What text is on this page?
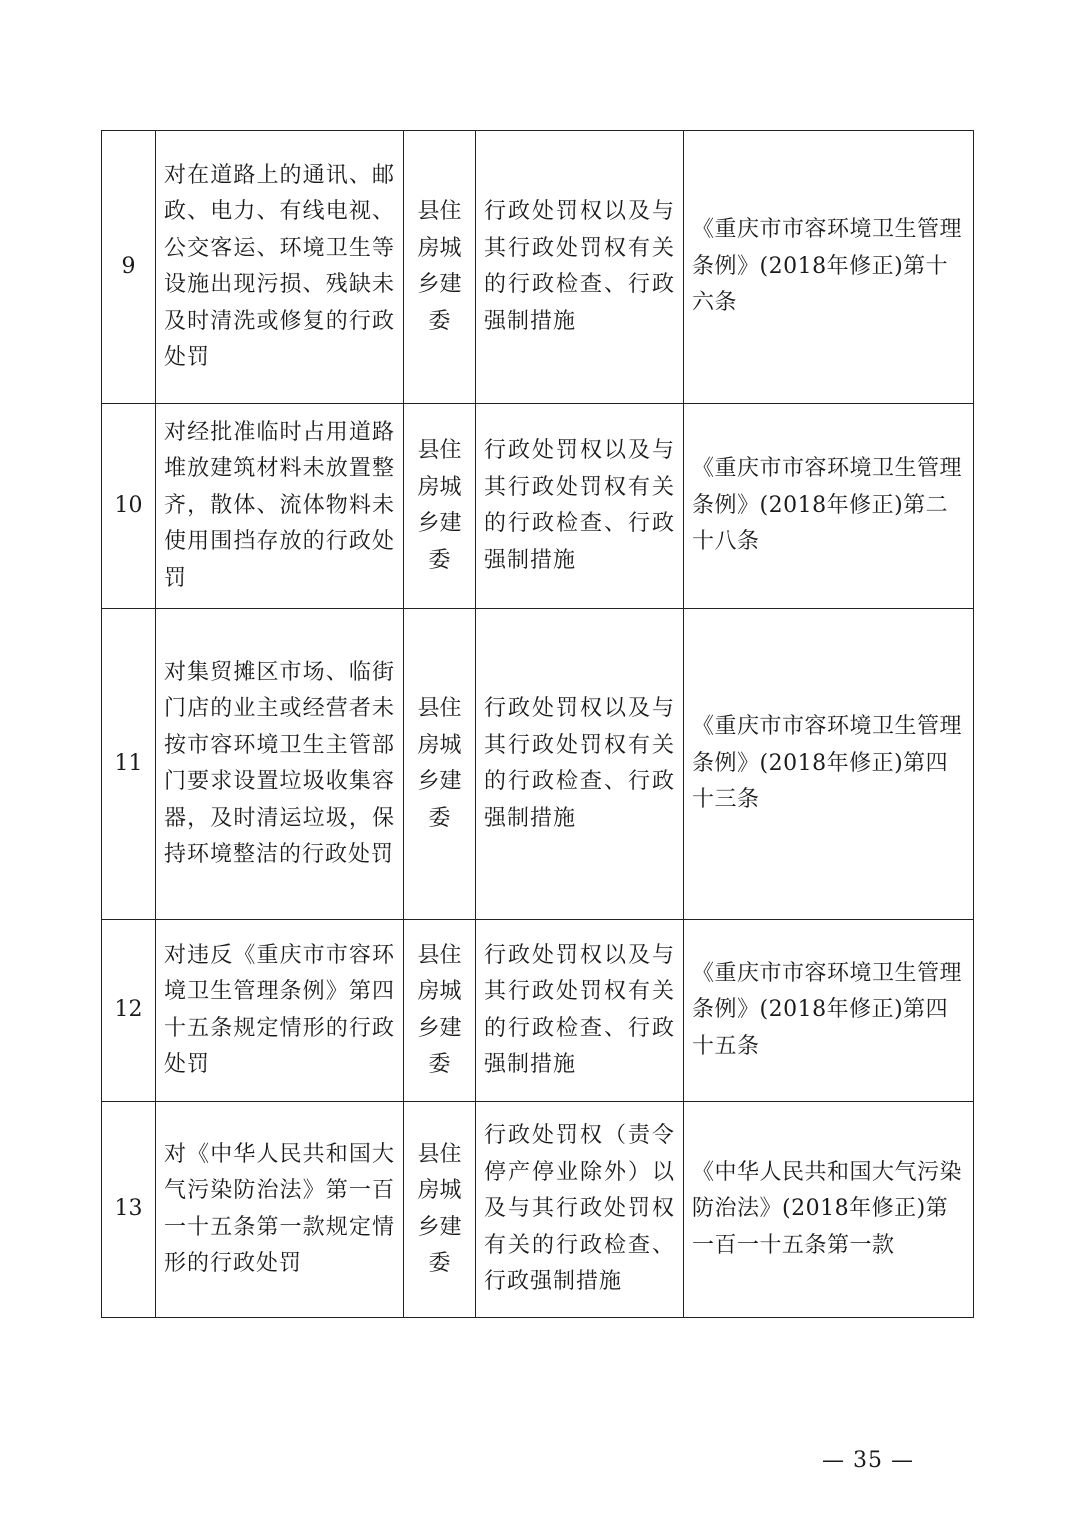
9	对在道路上的通讯、邮政、电力、有线电视、公交客运、环境卫生等设施出现污损、残缺未及时清洗或修复的行政处罚	县住房城乡建委	行政处罚权以及与其行政处罚权有关的行政检查、行政强制措施	《重庆市市容环境卫生管理条例》(2018年修正)第十六条
10	对经批准临时占用道路堆放建筑材料未放置整齐，散体、流体物料未使用围挡存放的行政处罚	县住房城乡建委	行政处罚权以及与其行政处罚权有关的行政检查、行政强制措施	《重庆市市容环境卫生管理条例》(2018年修正)第二十八条
11	对集贸摊区市场、临街门店的业主或经营者未按市容环境卫生主管部门要求设置垃圾收集容器，及时清运垃圾，保持环境整洁的行政处罚	县住房城乡建委	行政处罚权以及与其行政处罚权有关的行政检查、行政强制措施	《重庆市市容环境卫生管理条例》(2018年修正)第四十三条
12	对违反《重庆市市容环境卫生管理条例》第四十五条规定情形的行政处罚	县住房城乡建委	行政处罚权以及与其行政处罚权有关的行政检查、行政强制措施	《重庆市市容环境卫生管理条例》(2018年修正)第四十五条
13	对《中华人民共和国大气污染防治法》第一百一十五条第一款规定情形的行政处罚	县住房城乡建委	行政处罚权（责令停产停业除外）以及与其行政处罚权有关的行政检查、行政强制措施	《中华人民共和国大气污染防治法》(2018年修正)第一百一十五条第一款
— 35 —
